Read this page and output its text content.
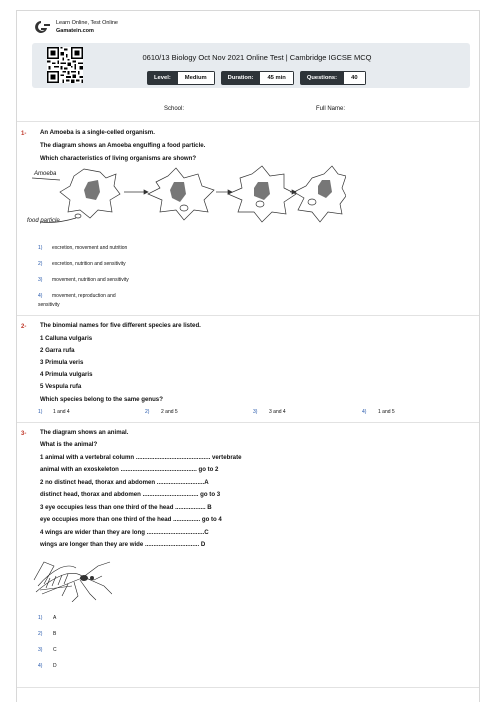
Learn Online, Test Online
Gamatein.com
0610/13 Biology Oct Nov 2021 Online Test | Cambridge IGCSE MCQ
Level:	Medium	Duration:	45 min	Questions:	40
School:	Full Name:
1- An Amoeba is a single-celled organism.
The diagram shows an Amoeba engulfing a food particle.
Which characteristics of living organisms are shown?
Amoeba
food particle
1) excretion, movement and nutrition
2) excretion, nutrition and sensitivity
3) movement, nutrition and sensitivity
4) movement, reproduction and
sensitivity
2- The binomial names for five different species are listed.
1 Calluna vulgaris
2 Garra rufa
3 Primula veris
4 Primula vulgaris
5 Vespula rufa
Which species belong to the same genus?
1) 1 and 4	2) 2 and 5	3) 3 and 4	4) 1 and 5
3- The diagram shows an animal.
What is the animal?
1 animal with a vertebral column ............................................ vertebrate
animal with an exoskeleton ............................................. go to 2
2 no distinct head, thorax and abdomen ............................A
distinct head, thorax and abdomen ................................. go to 3
3 eye occupies less than one third of the head .................. B
eye occupies more than one third of the head ................ go to 4
4 wings are wider than they are long ..................................C
wings are longer than they are wide ................................ D
1) A
2) B
3) C
4) D
